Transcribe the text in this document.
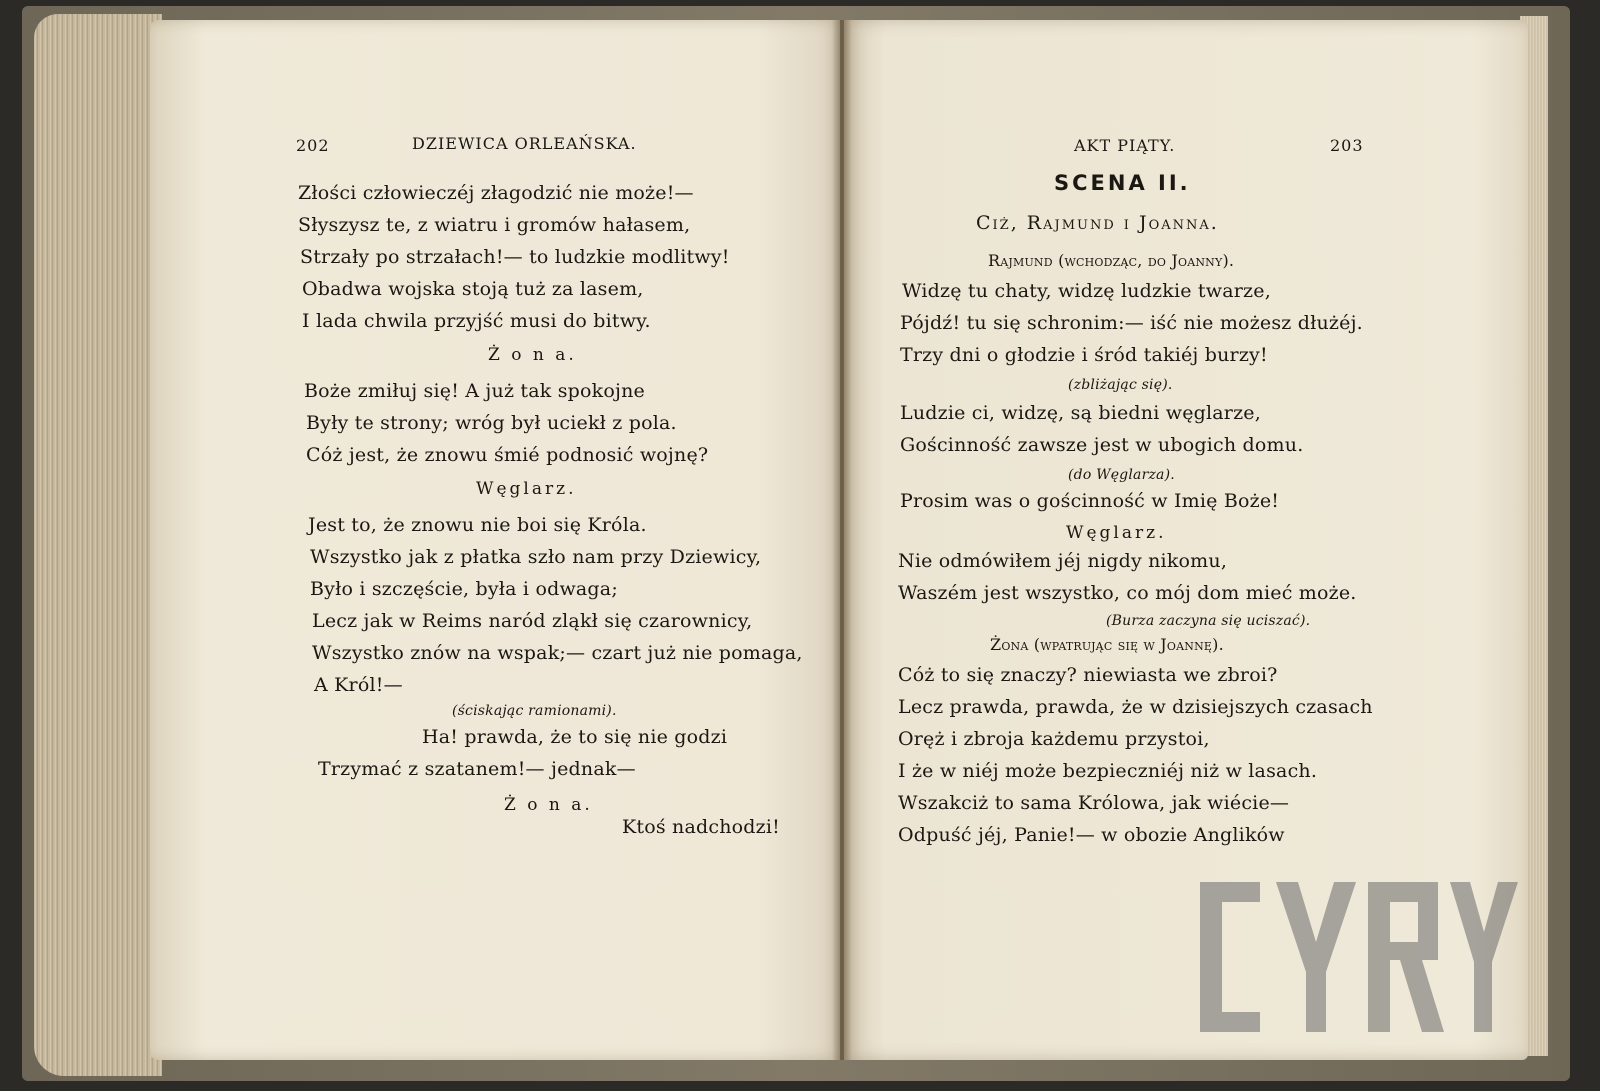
202	DZIEWICA ORLEAŃSKA.
Złości człowieczéj złagodzić nie może!—
Słyszysz te, z wiatru i gromów hałasem,
Strzały po strzałach!— to ludzkie modlitwy!
Obadwa wojska stoją tuż za lasem,
I lada chwila przyjść musi do bitwy.
Ż o n a.
Boże zmiłuj się! A już tak spokojne
Były te strony; wróg był uciekł z pola.
Cóż jest, że znowu śmié podnosić wojnę?
Węglarz.
Jest to, że znowu nie boi się Króla.
Wszystko jak z płatka szło nam przy Dziewicy,
Było i szczęście, była i odwaga;
Lecz jak w Reims naród zląkł się czarownicy,
Wszystko znów na wspak;— czart już nie pomaga,
A Król!—
(ściskając ramionami).
Ha! prawda, że to się nie godzi
Trzymać z szatanem!— jednak—
Ż o n a.
Ktoś nadchodzi!
AKT PIĄTY.	203
SCENA II.
Ciż, Rajmund i Joanna.
Rajmund (wchodząc, do Joanny).
Widzę tu chaty, widzę ludzkie twarze,
Pójdź! tu się schronim:— iść nie możesz dłużéj.
Trzy dni o głodzie i śród takiéj burzy!
(zbliżając się).
Ludzie ci, widzę, są biedni węglarze,
Gościnność zawsze jest w ubogich domu.
(do Węglarza).
Prosim was o gościnność w Imię Boże!
Węglarz.
Nie odmówiłem jéj nigdy nikomu,
Waszém jest wszystko, co mój dom mieć może.
(Burza zaczyna się uciszać).
Żona (wpatrując się w Joannę).
Cóż to się znaczy? niewiasta we zbroi?
Lecz prawda, prawda, że w dzisiejszych czasach
Oręż i zbroja każdemu przystoi,
I że w niéj może bezpieczniéj niż w lasach.
Wszakciż to sama Królowa, jak wiécie—
Odpuść jéj, Panie!— w obozie Anglików
